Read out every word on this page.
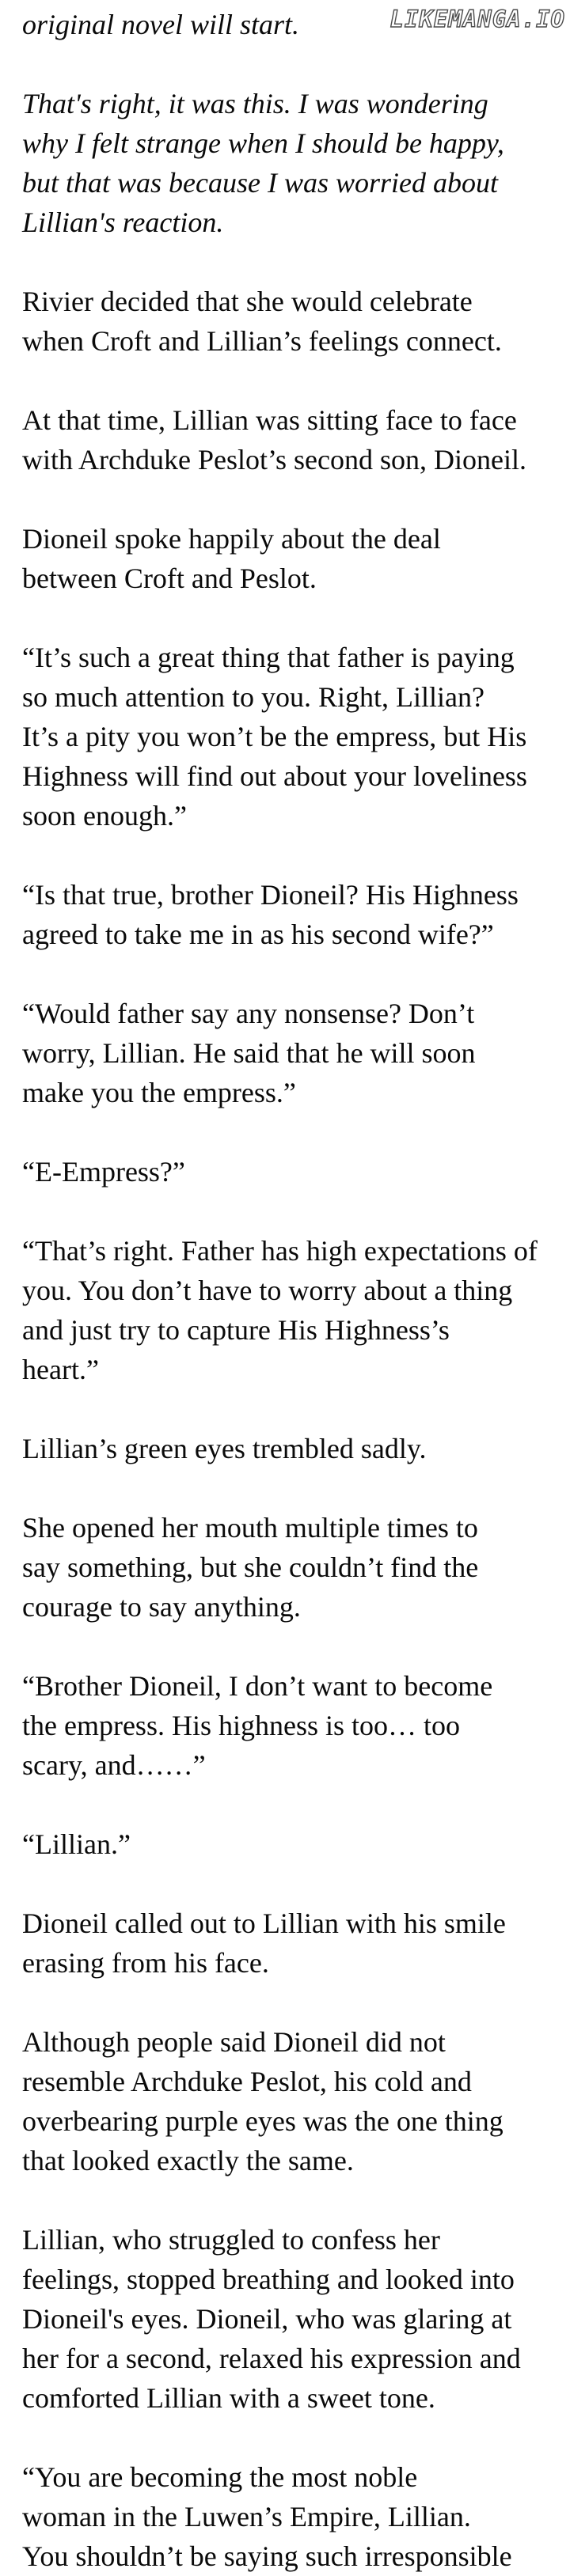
LIKEMANGA.IO
original novel will start.
That's right, it was this. I was wondering
why I felt strange when I should be happy,
but that was because I was worried about
Lillian's reaction.
Rivier decided that she would celebrate
when Croft and Lillian’s feelings connect.
At that time, Lillian was sitting face to face
with Archduke Peslot’s second son, Dioneil.
Dioneil spoke happily about the deal
between Croft and Peslot.
“It’s such a great thing that father is paying
so much attention to you. Right, Lillian?
It’s a pity you won’t be the empress, but His
Highness will find out about your loveliness
soon enough.”
“Is that true, brother Dioneil? His Highness
agreed to take me in as his second wife?”
“Would father say any nonsense? Don’t
worry, Lillian. He said that he will soon
make you the empress.”
“E-Empress?”
“That’s right. Father has high expectations of
you. You don’t have to worry about a thing
and just try to capture His Highness’s
heart.”
Lillian’s green eyes trembled sadly.
She opened her mouth multiple times to
say something, but she couldn’t find the
courage to say anything.
“Brother Dioneil, I don’t want to become
the empress. His highness is too… too
scary, and……”
“Lillian.”
Dioneil called out to Lillian with his smile
erasing from his face.
Although people said Dioneil did not
resemble Archduke Peslot, his cold and
overbearing purple eyes was the one thing
that looked exactly the same.
Lillian, who struggled to confess her
feelings, stopped breathing and looked into
Dioneil's eyes. Dioneil, who was glaring at
her for a second, relaxed his expression and
comforted Lillian with a sweet tone.
“You are becoming the most noble
woman in the Luwen’s Empire, Lillian.
You shouldn’t be saying such irresponsible
